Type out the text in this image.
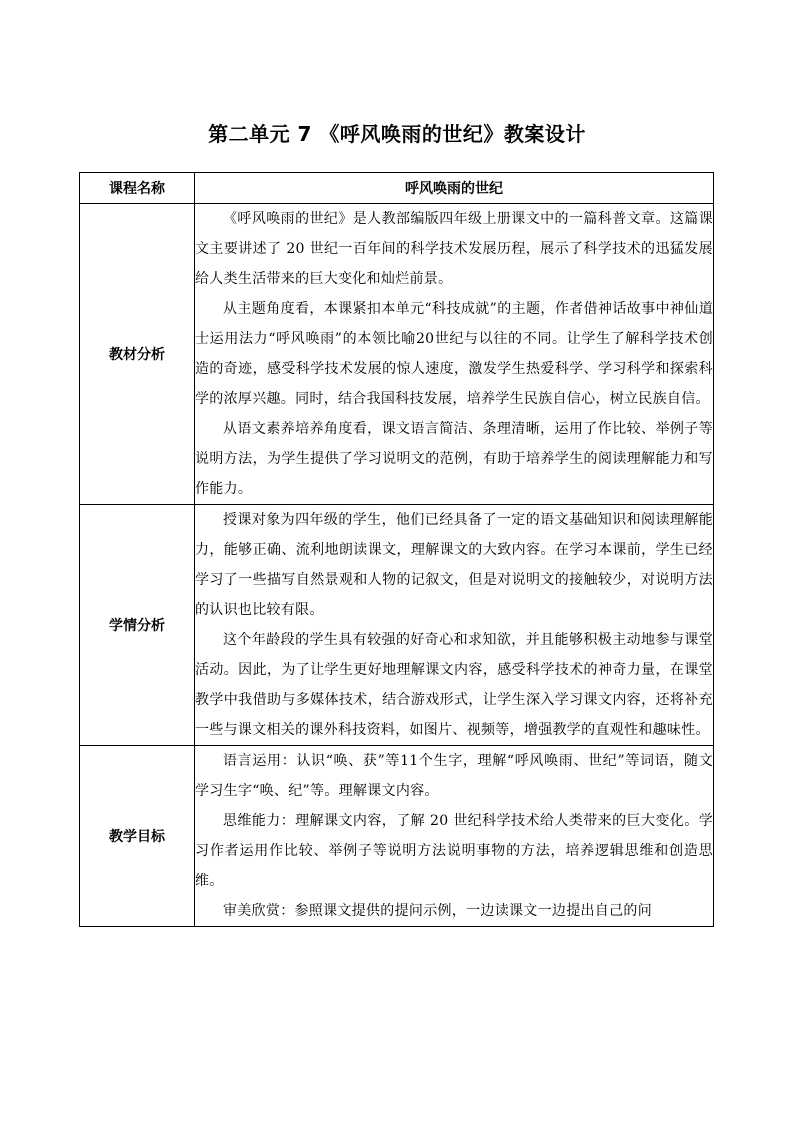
第二单元 7 《呼风唤雨的世纪》教案设计
课程名称	呼风唤雨的世纪
教材分析	《呼风唤雨的世纪》是人教部编版四年级上册课文中的一篇科普文章。这篇课文主要讲述了 20 世纪一百年间的科学技术发展历程，展示了科学技术的迅猛发展给人类生活带来的巨大变化和灿烂前景。

从主题角度看，本课紧扣本单元“科技成就”的主题，作者借神话故事中神仙道士运用法力“呼风唤雨”的本领比喻20世纪与以往的不同。让学生了解科学技术创造的奇迹，感受科学技术发展的惊人速度，激发学生热爱科学、学习科学和探索科学的浓厚兴趣。同时，结合我国科技发展，培养学生民族自信心，树立民族自信。

从语文素养培养角度看，课文语言简洁、条理清晰，运用了作比较、举例子等说明方法，为学生提供了学习说明文的范例，有助于培养学生的阅读理解能力和写作能力。

学情分析	授课对象为四年级的学生，他们已经具备了一定的语文基础知识和阅读理解能力，能够正确、流利地朗读课文，理解课文的大致内容。在学习本课前，学生已经学习了一些描写自然景观和人物的记叙文，但是对说明文的接触较少，对说明方法的认识也比较有限。

这个年龄段的学生具有较强的好奇心和求知欲，并且能够积极主动地参与课堂活动。因此，为了让学生更好地理解课文内容，感受科学技术的神奇力量，在课堂教学中我借助与多媒体技术，结合游戏形式，让学生深入学习课文内容，还将补充一些与课文相关的课外科技资料，如图片、视频等，增强教学的直观性和趣味性。

教学目标	语言运用：认识“唤、获”等11个生字，理解“呼风唤雨、世纪”等词语，随文学习生字“唤、纪”等。理解课文内容。

思维能力：理解课文内容，了解 20 世纪科学技术给人类带来的巨大变化。学习作者运用作比较、举例子等说明方法说明事物的方法，培养逻辑思维和创造思维。

审美欣赏：参照课文提供的提问示例，一边读课文一边提出自己的问
